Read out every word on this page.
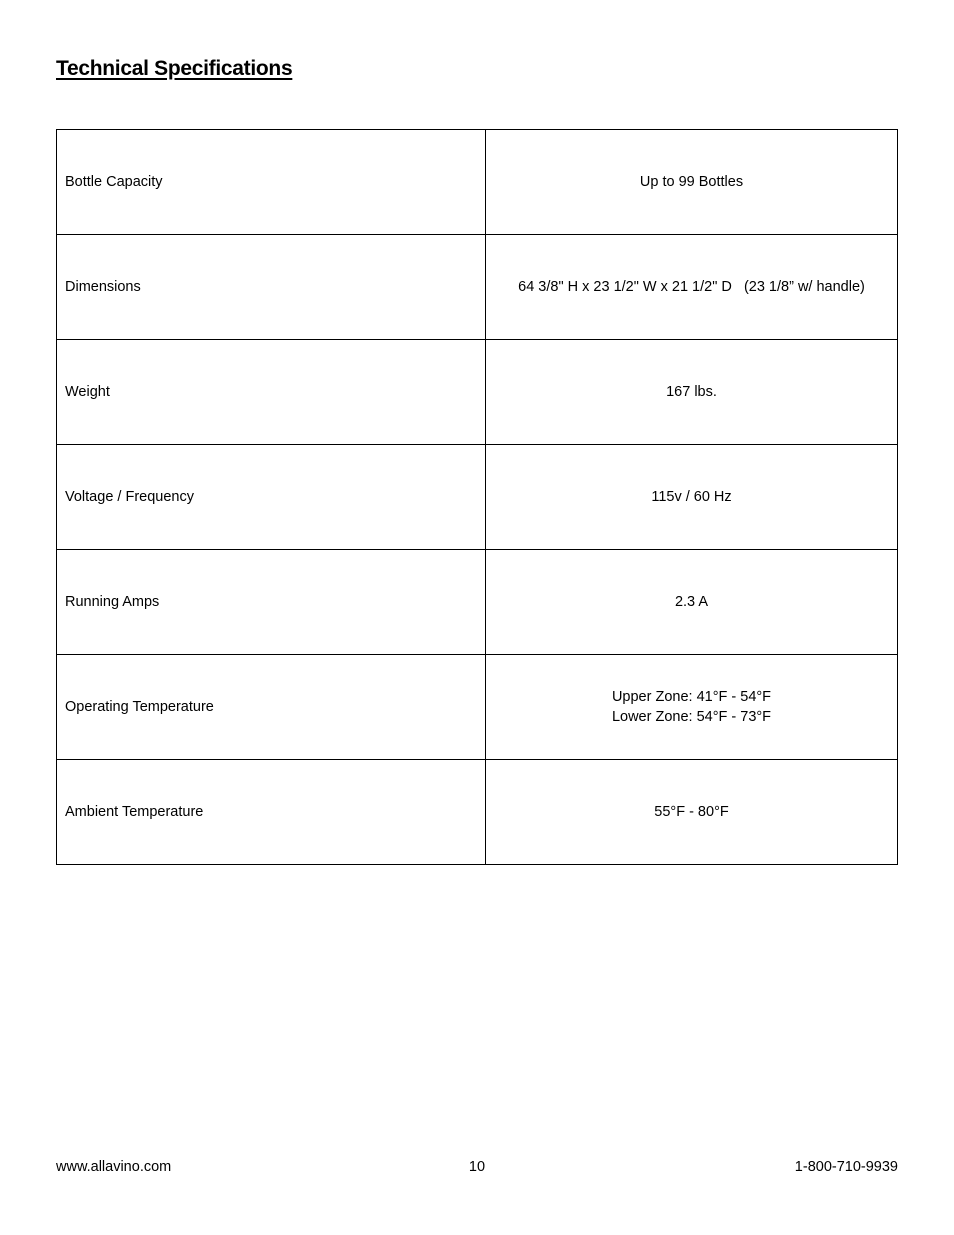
Technical Specifications
Bottle Capacity	Up to 99 Bottles

Dimensions	64 3/8" H x 23 1/2" W x 21 1/2" D   (23 1/8” w/ handle)

Weight	167 lbs.

Voltage / Frequency	115v / 60 Hz

Running Amps	2.3 A

Operating Temperature	Upper Zone: 41°F - 54°F
Lower Zone: 54°F - 73°F

Ambient Temperature	55°F - 80°F
www.allavino.com	10	1-800-710-9939
